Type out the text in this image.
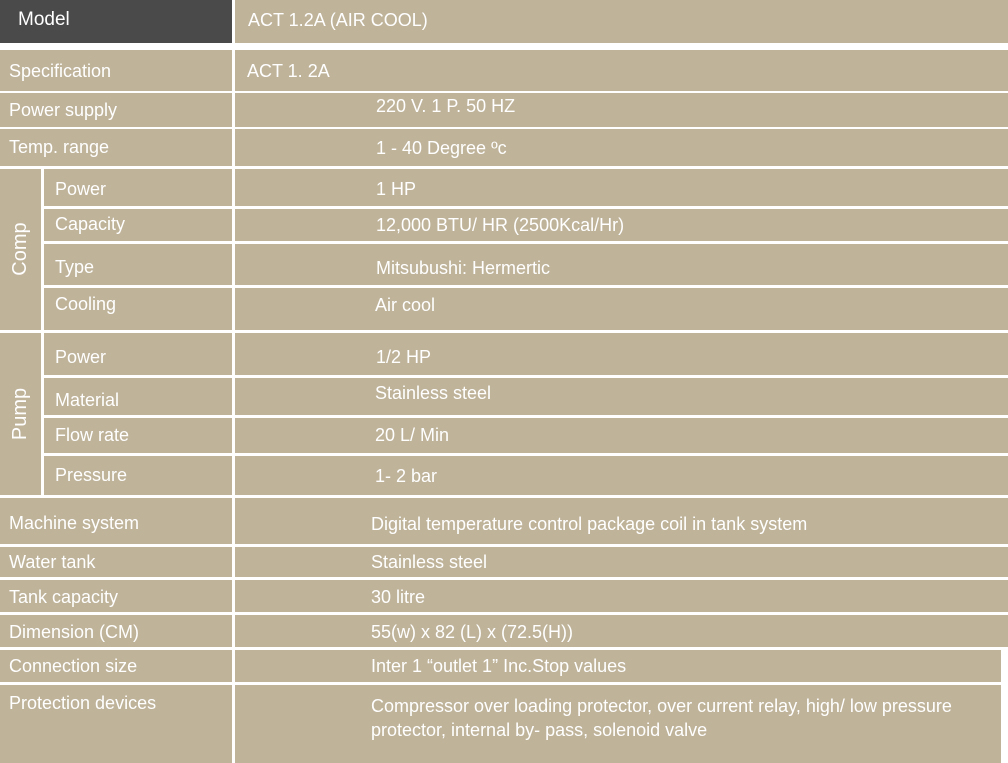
Model	ACT 1.2A (AIR COOL)
Specification	ACT 1. 2A
Power supply	220 V. 1 P. 50 HZ
Temp. range	1 - 40 Degree ºc
Comp
Power	1 HP
Capacity	12,000 BTU/ HR (2500Kcal/Hr)
Type	Mitsubushi: Hermertic
Cooling	Air cool
Pump
Power	1/2 HP
Material	Stainless steel
Flow rate	20 L/ Min
Pressure	1- 2 bar
Machine system	Digital temperature control package coil in tank system
Water tank	Stainless steel
Tank capacity	30 litre
Dimension (CM)	55(w) x 82 (L) x (72.5(H))
Connection size	Inter 1 “outlet 1” Inc.Stop values
Protection devices	Compressor over loading protector, over current relay, high/ low pressure protector, internal by- pass, solenoid valve
